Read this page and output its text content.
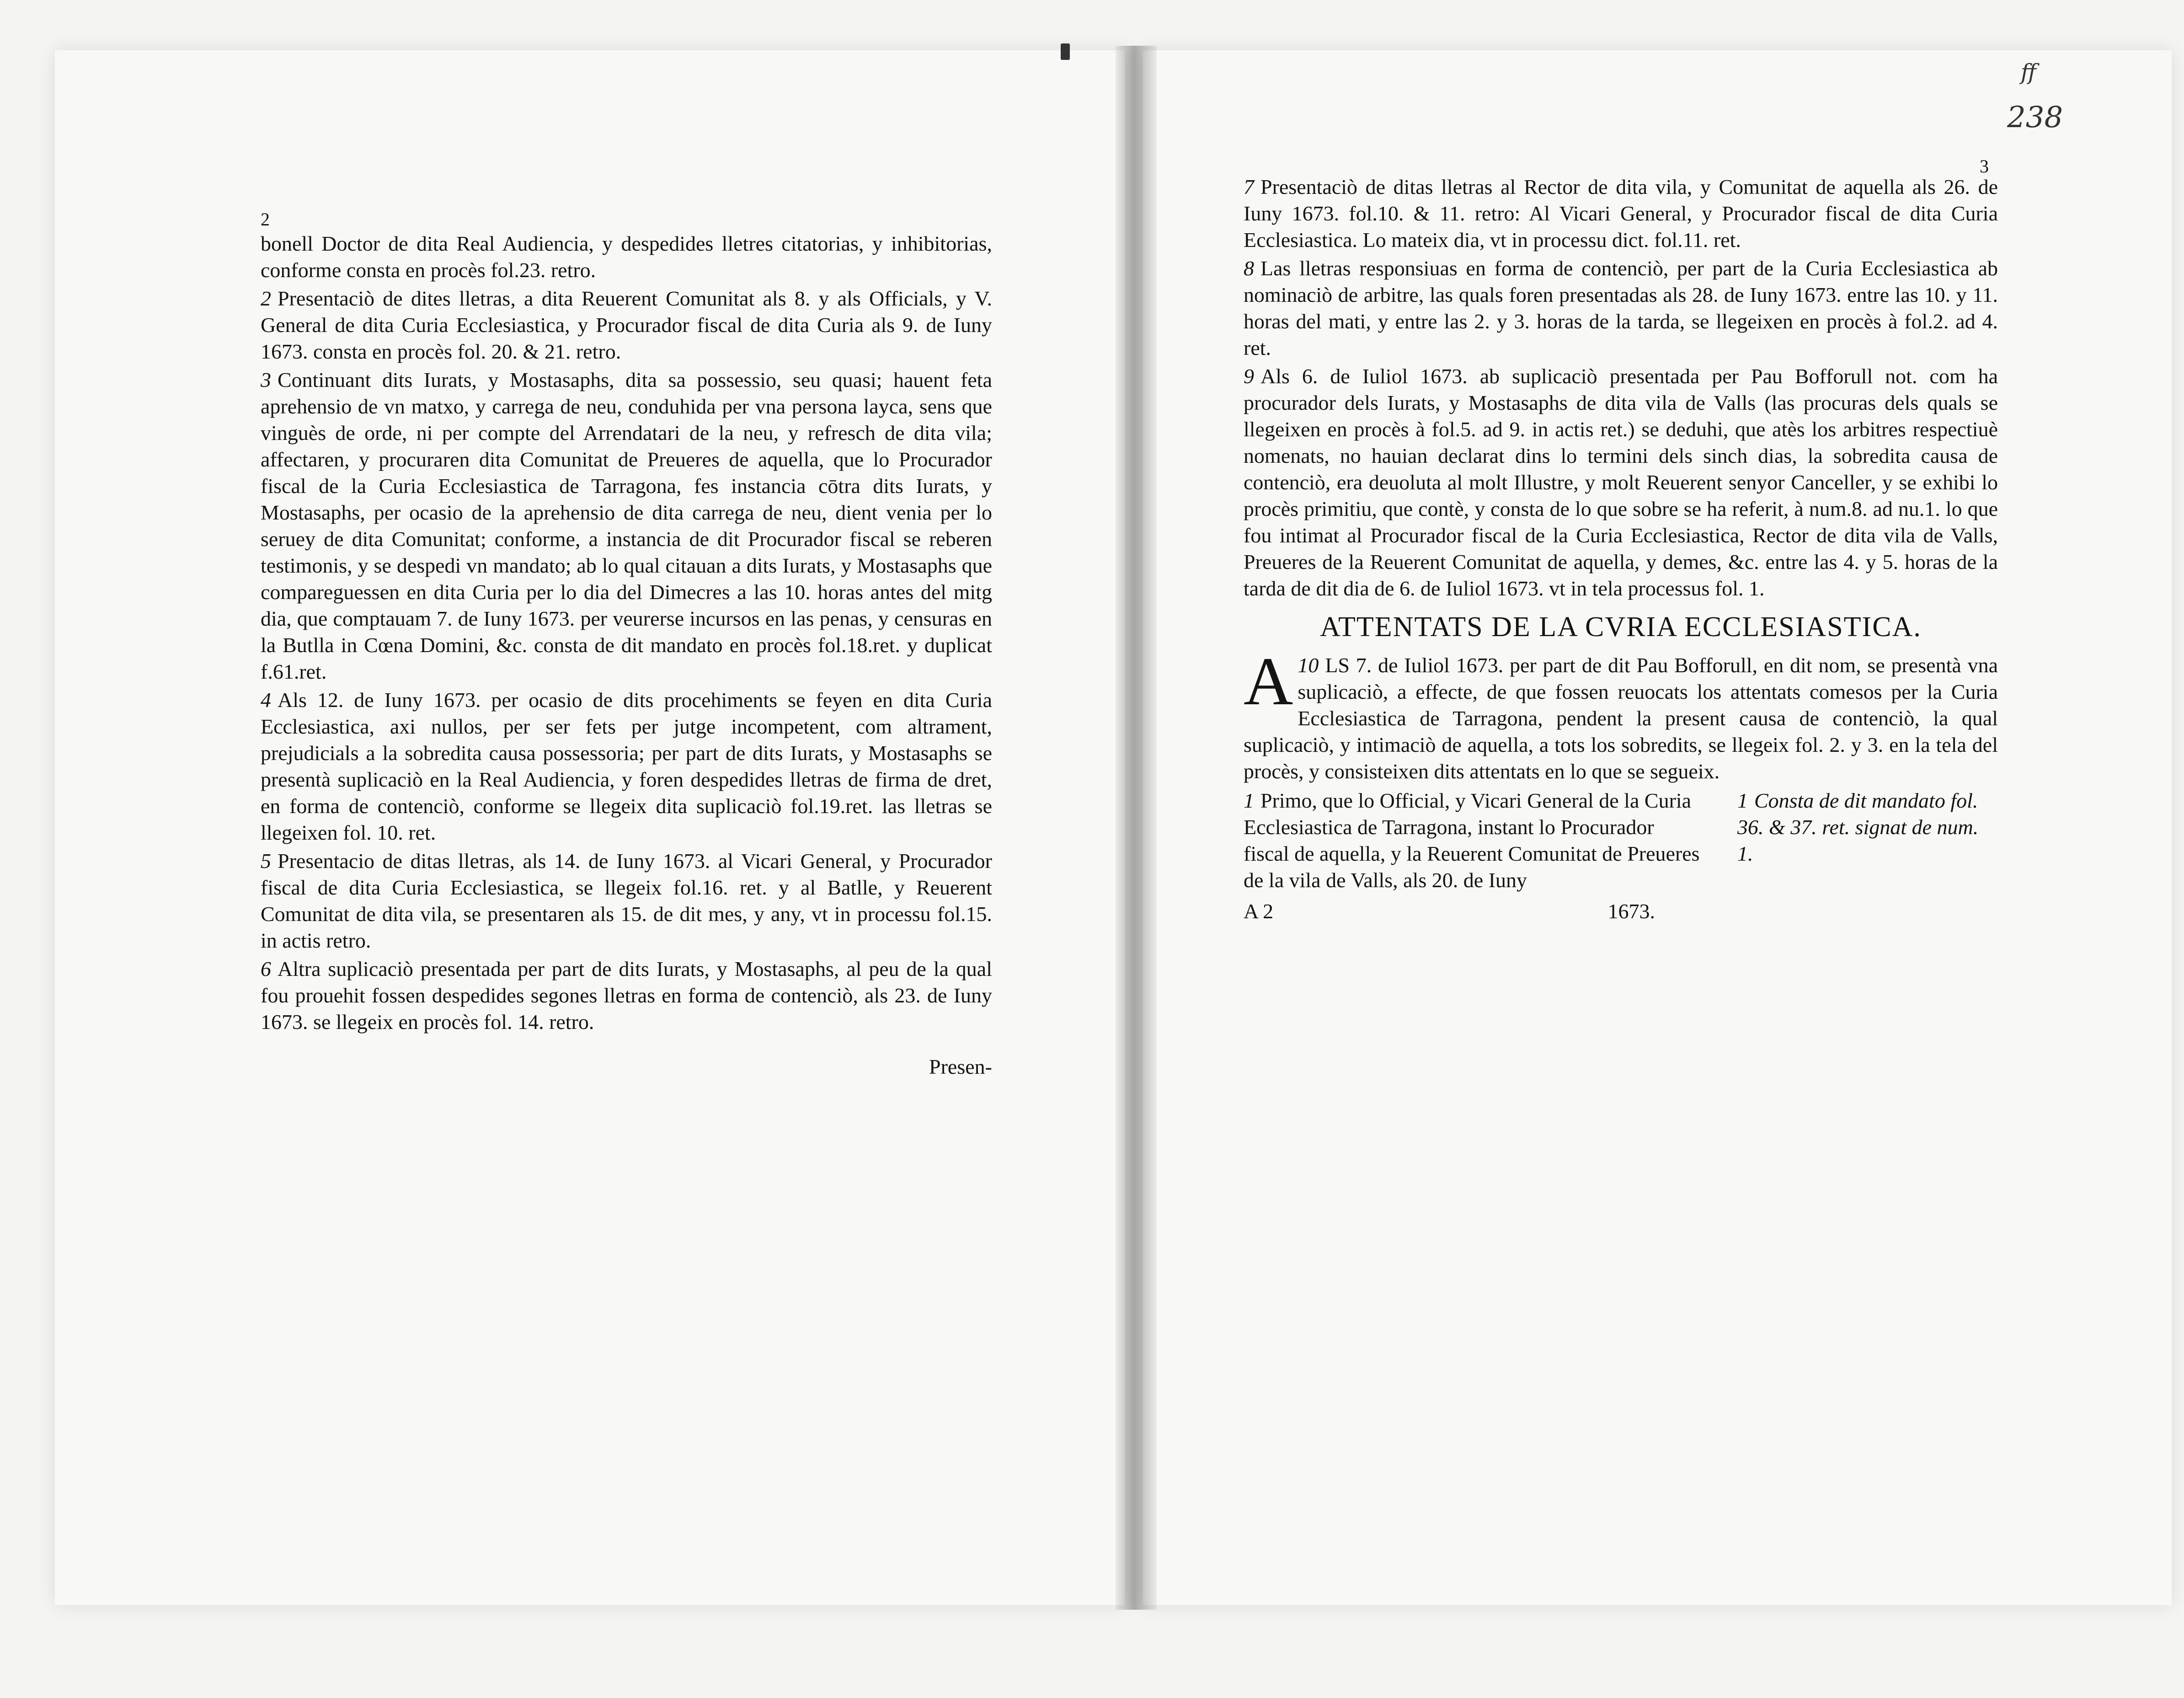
ff
238
2

bonell Doctor de dita Real Audiencia, y despedides lletres citatorias, y inhibitorias, conforme consta en procès fol.23. retro.

2 Presentaciò de dites lletras, a dita Reuerent Comunitat als 8. y als Officials, y V. General de dita Curia Ecclesiastica, y Procurador fiscal de dita Curia als 9. de Iuny 1673. consta en procès fol. 20. & 21. retro.

3 Continuant dits Iurats, y Mostasaphs, dita sa possessio, seu quasi; hauent feta aprehensio de vn matxo, y carrega de neu, conduhida per vna persona layca, sens que vinguès de orde, ni per compte del Arrendatari de la neu, y refresch de dita vila; affectaren, y procuraren dita Comunitat de Preueres de aquella, que lo Procurador fiscal de la Curia Ecclesiastica de Tarragona, fes instancia cōtra dits Iurats, y Mostasaphs, per ocasio de la aprehensio de dita carrega de neu, dient venia per lo seruey de dita Comunitat; conforme, a instancia de dit Procurador fiscal se reberen testimonis, y se despedi vn mandato; ab lo qual citauan a dits Iurats, y Mostasaphs que compareguessen en dita Curia per lo dia del Dimecres a las 10. horas antes del mitg dia, que comptauam 7. de Iuny 1673. per veurerse incursos en las penas, y censuras en la Butlla in Cœna Domini, &c. consta de dit mandato en procès fol.18.ret. y duplicat f.61.ret.

4 Als 12. de Iuny 1673. per ocasio de dits procehiments se feyen en dita Curia Ecclesiastica, axi nullos, per ser fets per jutge incompetent, com altrament, prejudicials a la sobredita causa possessoria; per part de dits Iurats, y Mostasaphs se presentà suplicaciò en la Real Audiencia, y foren despedides lletras de firma de dret, en forma de contenciò, conforme se llegeix dita suplicaciò fol.19.ret. las lletras se llegeixen fol. 10. ret.

5 Presentacio de ditas lletras, als 14. de Iuny 1673. al Vicari General, y Procurador fiscal de dita Curia Ecclesiastica, se llegeix fol.16. ret. y al Batlle, y Reuerent Comunitat de dita vila, se presentaren als 15. de dit mes, y any, vt in processu fol.15. in actis retro.

6 Altra suplicaciò presentada per part de dits Iurats, y Mostasaphs, al peu de la qual fou prouehit fossen despedides segones lletras en forma de contenciò, als 23. de Iuny 1673. se llegeix en procès fol. 14. retro.

Presen-
3

7 Presentaciò de ditas lletras al Rector de dita vila, y Comunitat de aquella als 26. de Iuny 1673. fol.10. & 11. retro: Al Vicari General, y Procurador fiscal de dita Curia Ecclesiastica. Lo mateix dia, vt in processu dict. fol.11. ret.

8 Las lletras responsiuas en forma de contenciò, per part de la Curia Ecclesiastica ab nominaciò de arbitre, las quals foren presentadas als 28. de Iuny 1673. entre las 10. y 11. horas del mati, y entre las 2. y 3. horas de la tarda, se llegeixen en procès à fol.2. ad 4. ret.

9 Als 6. de Iuliol 1673. ab suplicaciò presentada per Pau Bofforull not. com ha procurador dels Iurats, y Mostasaphs de dita vila de Valls (las procuras dels quals se llegeixen en procès à fol.5. ad 9. in actis ret.) se deduhi, que atès los arbitres respectiuè nomenats, no hauian declarat dins lo termini dels sinch dias, la sobredita causa de contenciò, era deuoluta al molt Illustre, y molt Reuerent senyor Canceller, y se exhibi lo procès primitiu, que contè, y consta de lo que sobre se ha referit, à num.8. ad nu.1. lo que fou intimat al Procurador fiscal de la Curia Ecclesiastica, Rector de dita vila de Valls, Preueres de la Reuerent Comunitat de aquella, y demes, &c. entre las 4. y 5. horas de la tarda de dit dia de 6. de Iuliol 1673. vt in tela processus fol. 1.

ATTENTATS DE LA CVRIA ECCLESIASTICA.

10
A LS 7. de Iuliol 1673. per part de dit Pau Bofforull, en dit nom, se presentà vna suplicaciò, a effecte, de que fossen reuocats los attentats comesos per la Curia Ecclesiastica de Tarragona, pendent la present causa de contenciò, la qual suplicaciò, y intimaciò de aquella, a tots los sobredits, se llegeix fol. 2. y 3. en la tela del procès, y consisteixen dits attentats en lo que se segueix.

1 Primo, que lo Official, y Vicari General de la Curia Ecclesiastica de Tarragona, instant lo Procurador fiscal de aquella, y la Reuerent Comunitat de Preueres de la vila de Valls, als 20. de Iuny
A 2	1673.
1 Consta de dit mandato fol. 36. & 37. ret. signat de num. 1.
